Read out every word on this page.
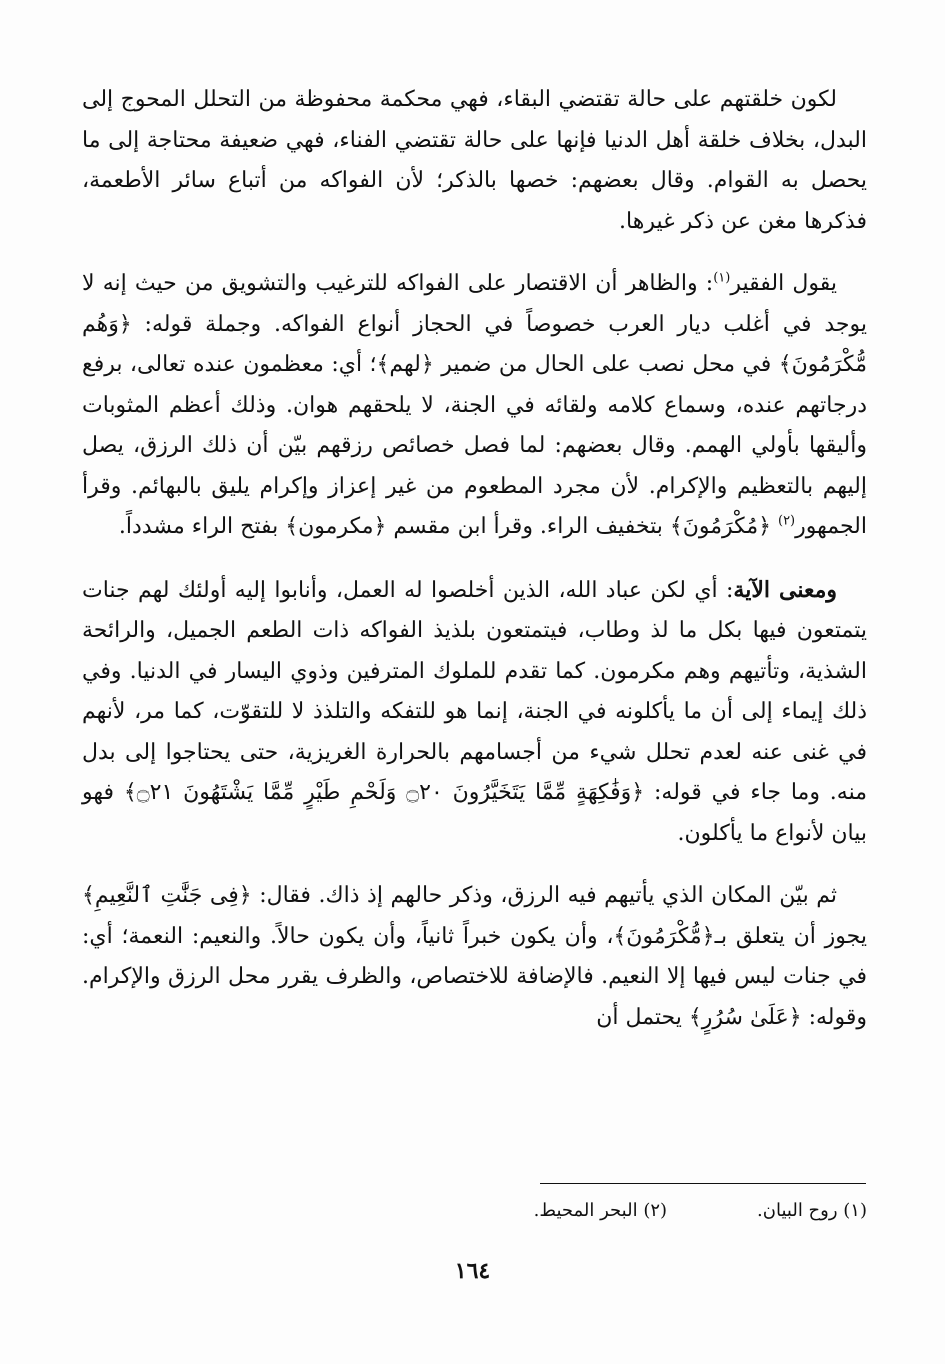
لكون خلقتهم على حالة تقتضي البقاء، فهي محكمة محفوظة من التحلل المحوج إلى البدل، بخلاف خلقة أهل الدنيا فإنها على حالة تقتضي الفناء، فهي ضعيفة محتاجة إلى ما يحصل به القوام. وقال بعضهم: خصها بالذكر؛ لأن الفواكه من أتباع سائر الأطعمة، فذكرها مغن عن ذكر غيرها.

يقول الفقير$^{(١)}$: والظاهر أن الاقتصار على الفواكه للترغيب والتشويق من حيث إنه لا يوجد في أغلب ديار العرب خصوصاً في الحجاز أنواع الفواكه. وجملة قوله: ﴿وَهُم مُّكْرَمُونَ﴾ في محل نصب على الحال من ضمير ﴿لهم﴾؛ أي: معظمون عنده تعالى، برفع درجاتهم عنده، وسماع كلامه ولقائه في الجنة، لا يلحقهم هوان. وذلك أعظم المثوبات وأليقها بأولي الهمم. وقال بعضهم: لما فصل خصائص رزقهم بيّن أن ذلك الرزق، يصل إليهم بالتعظيم والإكرام. لأن مجرد المطعوم من غير إعزاز وإكرام يليق بالبهائم. وقرأ الجمهور$^{(٢)}$ ﴿مُكْرَمُونَ﴾ بتخفيف الراء. وقرأ ابن مقسم ﴿مكرمون﴾ بفتح الراء مشدداً.

ومعنى الآية: أي لكن عباد الله، الذين أخلصوا له العمل، وأنابوا إليه أولئك لهم جنات يتمتعون فيها بكل ما لذ وطاب، فيتمتعون بلذيذ الفواكه ذات الطعم الجميل، والرائحة الشذية، وتأتيهم وهم مكرمون. كما تقدم للملوك المترفين وذوي اليسار في الدنيا. وفي ذلك إيماء إلى أن ما يأكلونه في الجنة، إنما هو للتفكه والتلذذ لا للتقوّت، كما مر، لأنهم في غنى عنه لعدم تحلل شيء من أجسامهم بالحرارة الغريزية، حتى يحتاجوا إلى بدل منه. وما جاء في قوله: ﴿وَفَٰكِهَةٍ مِّمَّا يَتَخَيَّرُونَ ۝٢٠ وَلَحْمِ طَيْرٍ مِّمَّا يَشْتَهُونَ ۝٢١﴾ فهو بيان لأنواع ما يأكلون.

ثم بيّن المكان الذي يأتيهم فيه الرزق، وذكر حالهم إذ ذاك. فقال: ﴿فِى جَنَّٰتِ ٱلنَّعِيمِ﴾ يجوز أن يتعلق بـ﴿مُّكْرَمُونَ﴾، وأن يكون خبراً ثانياً، وأن يكون حالاً. والنعيم: النعمة؛ أي: في جنات ليس فيها إلا النعيم. فالإضافة للاختصاص، والظرف يقرر محل الرزق والإكرام. وقوله: ﴿عَلَىٰ سُرُرٍ﴾ يحتمل أن

(١) روح البيان.
(٢) البحر المحيط.
١٦٤
